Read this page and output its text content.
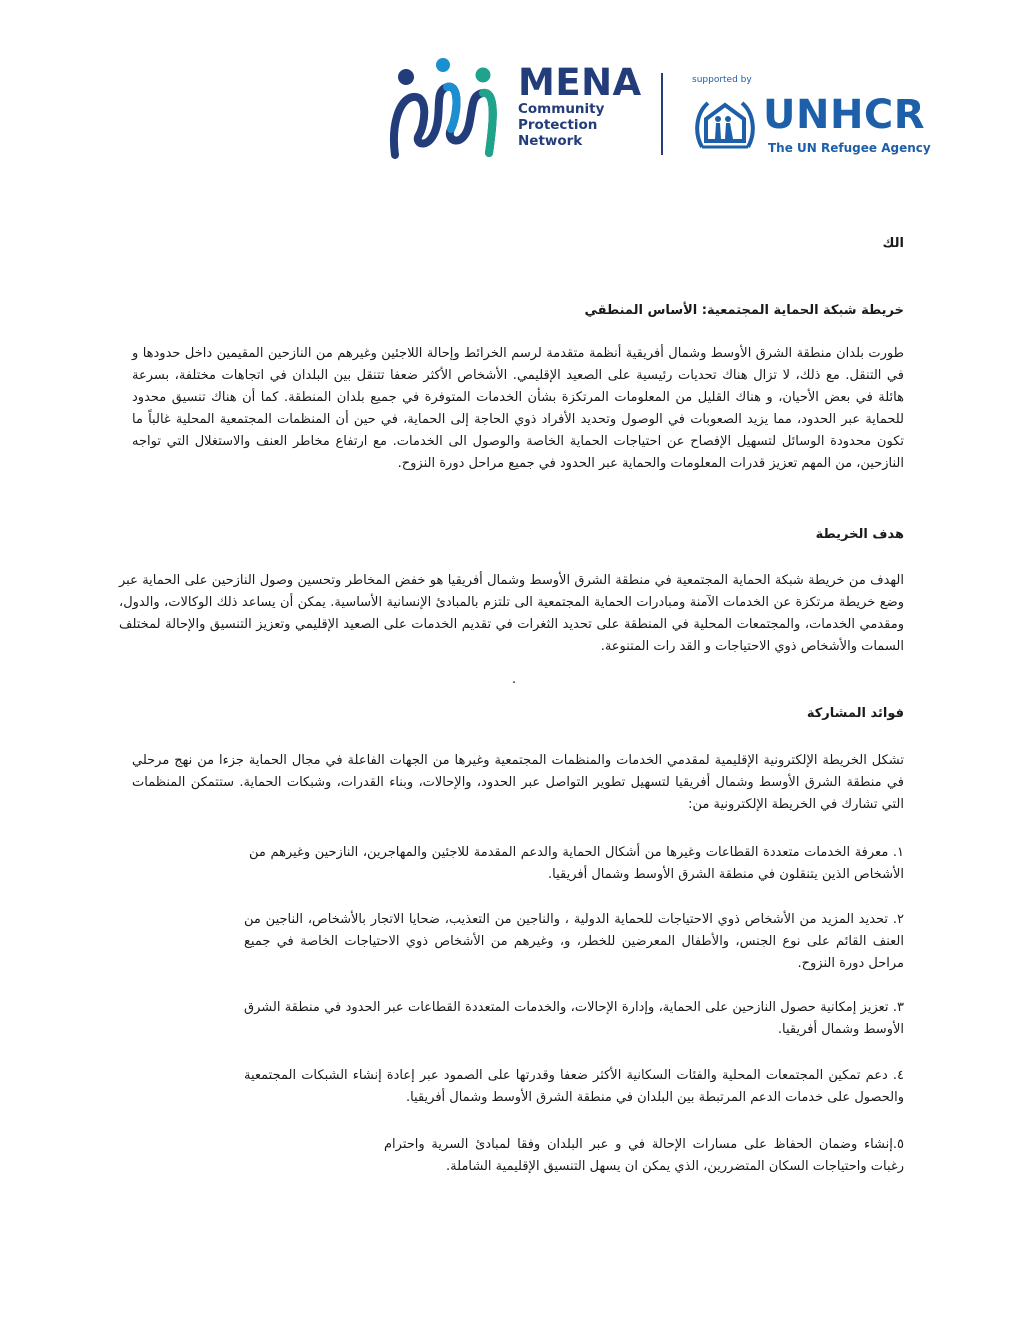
MENA
Community
Protection
Network
supported by
UNHCR
The UN Refugee Agency
الك
خريطة شبكة الحماية المجتمعية: الأساس المنطقي
طورت بلدان منطقة الشرق الأوسط وشمال أفريقية أنظمة متقدمة لرسم الخرائط وإحالة اللاجئين وغيرهم من النازحين المقيمين داخل حدودها و في التنقل. مع ذلك، لا تزال هناك تحديات رئيسية على الصعيد الإقليمي. الأشخاص الأكثر ضعفا تتنقل بين البلدان في اتجاهات مختلفة، بسرعة هائلة في بعض الأحيان، و هناك القليل من المعلومات المرتكزة بشأن الخدمات المتوفرة في جميع بلدان المنطقة. كما أن هناك تنسيق محدود للحماية عبر الحدود، مما يزيد الصعوبات في الوصول وتحديد الأفراد ذوي الحاجة إلى الحماية، في حين أن المنظمات المجتمعية المحلية غالباً ما تكون محدودة الوسائل لتسهيل الإفصاح عن احتياجات الحماية الخاصة والوصول الى الخدمات. مع ارتفاع مخاطر العنف والاستغلال التي تواجه النازحين، من المهم تعزيز قدرات المعلومات والحماية عبر الحدود في جميع مراحل دورة النزوح.
هدف الخريطة
الهدف من خريطة شبكة الحماية المجتمعية في منطقة الشرق الأوسط وشمال أفريقيا هو خفض المخاطر وتحسين وصول النازحين على الحماية عبر وضع خريطة مرتكزة عن الخدمات الآمنة ومبادرات الحماية المجتمعية الى تلتزم بالمبادئ الإنسانية الأساسية. يمكن أن يساعد ذلك الوكالات، والدول، ومقدمي الخدمات، والمجتمعات المحلية في المنطقة على تحديد الثغرات في تقديم الخدمات على الصعيد الإقليمي وتعزيز التنسيق والإحالة لمختلف السمات والأشخاص ذوي الاحتياجات و القد رات المتنوعة.
.
فوائد المشاركة
تشكل الخريطة الإلكترونية الإقليمية لمقدمي الخدمات والمنظمات المجتمعية وغيرها من الجهات الفاعلة في مجال الحماية جزءا من نهج مرحلي في منطقة الشرق الأوسط وشمال أفريقيا لتسهيل تطوير التواصل عبر الحدود، والإحالات، وبناء القدرات، وشبكات الحماية. ستتمكن المنظمات التي تشارك في الخريطة الإلكترونية من:
١. معرفة الخدمات متعددة القطاعات وغيرها من أشكال الحماية والدعم المقدمة للاجئين والمهاجرين، النازحين وغيرهم من الأشخاص الذين يتنقلون في منطقة الشرق الأوسط وشمال أفريقيا.
٢. تحديد المزيد من الأشخاص ذوي الاحتياجات للحماية الدولية ، والناجين من التعذيب، ضحايا الاتجار بالأشخاص، الناجين من العنف القائم على نوع الجنس، والأطفال المعرضين للخطر، و، وغيرهم من الأشخاص ذوي الاحتياجات الخاصة في جميع مراحل دورة النزوح.
٣. تعزيز إمكانية حصول النازحين على الحماية، وإدارة الإحالات، والخدمات المتعددة القطاعات عبر الحدود في منطقة الشرق الأوسط وشمال أفريقيا.
٤. دعم تمكين المجتمعات المحلية والفئات السكانية الأكثر ضعفا وقدرتها على الصمود عبر إعادة إنشاء الشبكات المجتمعية والحصول على خدمات الدعم المرتبطة بين البلدان في منطقة الشرق الأوسط وشمال أفريقيا.
٥.إنشاء وضمان الحفاظ على مسارات الإحالة في و عبر البلدان وفقا لمبادئ السرية واحترام رغبات واحتياجات السكان المتضررين، الذي يمكن ان يسهل التنسيق الإقليمية الشاملة.
